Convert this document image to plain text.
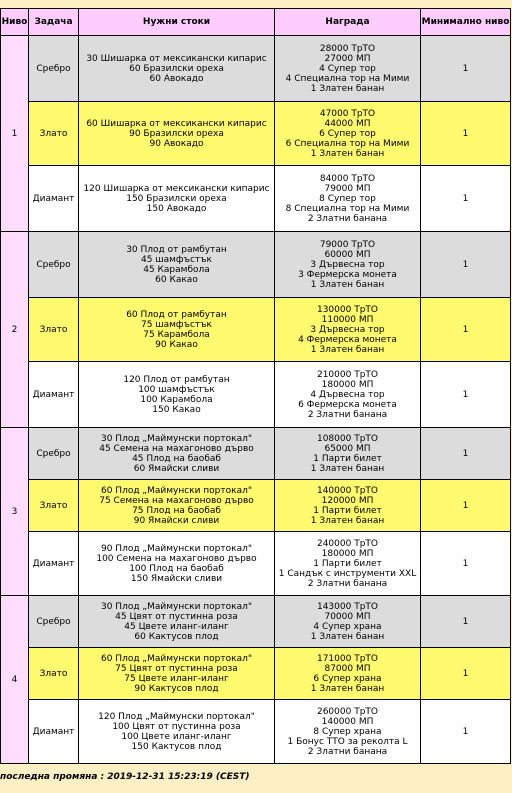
Ниво	Задача	Нужни стоки	Награда	Минимално ниво
1	Сребро	30 Шишарка от мексикански кипарис
60 Бразилски ореха
60 Авокадо	28000 ТрТО
27000 МП
4 Супер тор
4 Специална тор на Мими
1 Златен банан	1
	Злато	60 Шишарка от мексикански кипарис
90 Бразилски ореха
90 Авокадо	47000 ТрТО
44000 МП
6 Супер тор
6 Специална тор на Мими
1 Златен банан	1
	Диамант	120 Шишарка от мексикански кипарис
150 Бразилски ореха
150 Авокадо	84000 ТрТО
79000 МП
8 Супер тор
8 Специална тор на Мими
2 Златни банана	1
2	Сребро	30 Плод от рамбутан
45 шамфъстък
45 Карамбола
60 Какао	79000 ТрТО
60000 МП
3 Дървесна тор
3 Фермерска монета
1 Златен банан	1
	Злато	60 Плод от рамбутан
75 шамфъстък
75 Карамбола
90 Какао	130000 ТрТО
110000 МП
3 Дървесна тор
4 Фермерска монета
1 Златен банан	1
	Диамант	120 Плод от рамбутан
100 шамфъстък
100 Карамбола
150 Какао	210000 ТрТО
180000 МП
4 Дървесна тор
6 Фермерска монета
2 Златни банана	1
3	Сребро	30 Плод „Маймунски портокал"
45 Семена на махагоново дърво
45 Плод на баобаб
60 Ямайски сливи	108000 ТрТО
65000 МП
1 Парти билет
1 Златен банан	1
	Злато	60 Плод „Маймунски портокал"
75 Семена на махагоново дърво
75 Плод на баобаб
90 Ямайски сливи	140000 ТрТО
120000 МП
1 Парти билет
1 Златен банан	1
	Диамант	90 Плод „Маймунски портокал"
100 Семена на махагоново дърво
100 Плод на баобаб
150 Ямайски сливи	240000 ТрТО
180000 МП
1 Парти билет
1 Сандък с инструменти XXL
2 Златни банана	1
4	Сребро	30 Плод „Маймунски портокал"
45 Цвят от пустинна роза
45 Цвете иланг-иланг
60 Кактусов плод	143000 ТрТО
70000 МП
4 Супер храна
1 Златен банан	1
	Злато	60 Плод „Маймунски портокал"
75 Цвят от пустинна роза
75 Цвете иланг-иланг
90 Кактусов плод	171000 ТрТО
87000 МП
6 Супер храна
1 Златен банан	1
	Диамант	120 Плод „Маймунски портокал"
100 Цвят от пустинна роза
100 Цвете иланг-иланг
150 Кактусов плод	260000 ТрТО
140000 МП
8 Супер храна
1 Бонус ТТО за реколта L
2 Златни банана	1
последна промяна : 2019-12-31 15:23:19 (CEST)
